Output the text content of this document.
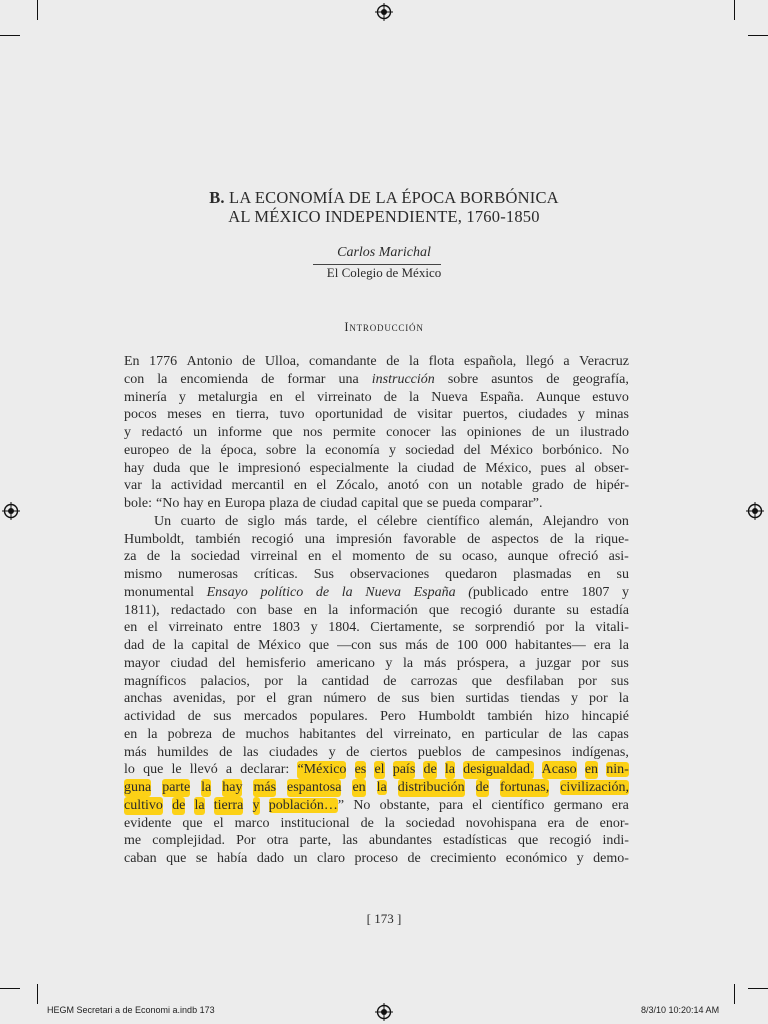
B. LA ECONOMÍA DE LA ÉPOCA BORBÓNICA
AL MÉXICO INDEPENDIENTE, 1760-1850
Carlos Marichal
El Colegio de México
Introducción
En 1776 Antonio de Ulloa, comandante de la flota española, llegó a Veracruz
con la encomienda de formar una instrucción sobre asuntos de geografía,
minería y metalurgia en el virreinato de la Nueva España. Aunque estuvo
pocos meses en tierra, tuvo oportunidad de visitar puertos, ciudades y minas
y redactó un informe que nos permite conocer las opiniones de un ilustrado
europeo de la época, sobre la economía y sociedad del México borbónico. No
hay duda que le impresionó especialmente la ciudad de México, pues al obser-
var la actividad mercantil en el Zócalo, anotó con un notable grado de hipér-
bole: “No hay en Europa plaza de ciudad capital que se pueda comparar”.
Un cuarto de siglo más tarde, el célebre científico alemán, Alejandro von
Humboldt, también recogió una impresión favorable de aspectos de la rique-
za de la sociedad virreinal en el momento de su ocaso, aunque ofreció asi-
mismo numerosas críticas. Sus observaciones quedaron plasmadas en su
monumental Ensayo político de la Nueva España (publicado entre 1807 y
1811), redactado con base en la información que recogió durante su estadía
en el virreinato entre 1803 y 1804. Ciertamente, se sorprendió por la vitali-
dad de la capital de México que —con sus más de 100 000 habitantes— era la
mayor ciudad del hemisferio americano y la más próspera, a juzgar por sus
magníficos palacios, por la cantidad de carrozas que desfilaban por sus
anchas avenidas, por el gran número de sus bien surtidas tiendas y por la
actividad de sus mercados populares. Pero Humboldt también hizo hincapié
en la pobreza de muchos habitantes del virreinato, en particular de las capas
más humildes de las ciudades y de ciertos pueblos de campesinos indígenas,
lo que le llevó a declarar: “México es el país de la desigualdad. Acaso en nin-
guna parte la hay más espantosa en la distribución de fortunas, civilización,
cultivo de la tierra y población…” No obstante, para el científico germano era
evidente que el marco institucional de la sociedad novohispana era de enor-
me complejidad. Por otra parte, las abundantes estadísticas que recogió indi-
caban que se había dado un claro proceso de crecimiento económico y demo-
[ 173 ]
HEGM Secretari a de Economi a.indb 173	8/3/10 10:20:14 AM
